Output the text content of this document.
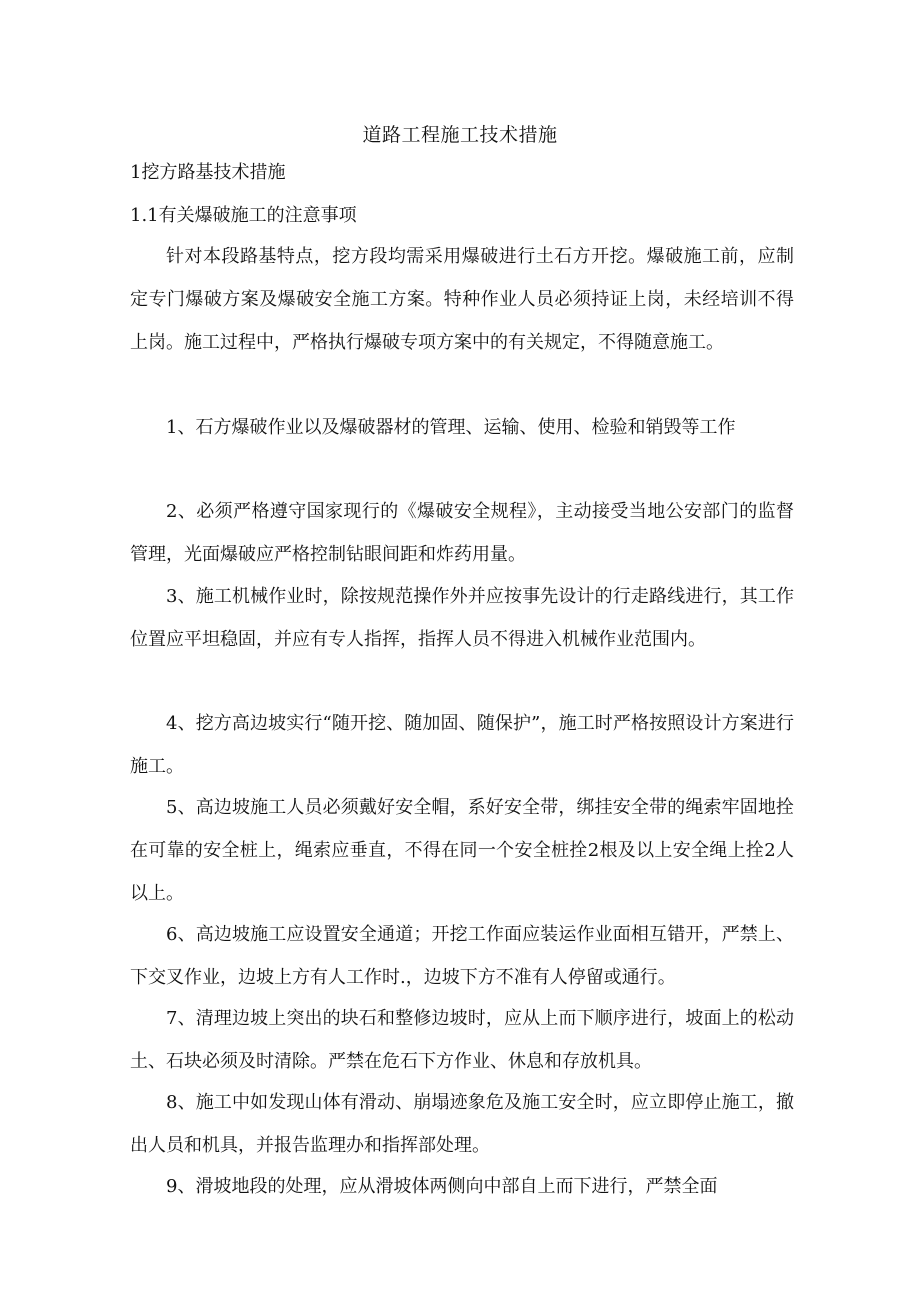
道路工程施工技术措施
1挖方路基技术措施
1.1有关爆破施工的注意事项

针对本段路基特点，挖方段均需采用爆破进行土石方开挖。爆破施工前，应制定专门爆破方案及爆破安全施工方案。特种作业人员必须持证上岗，未经培训不得上岗。施工过程中，严格执行爆破专项方案中的有关规定，不得随意施工。

1、石方爆破作业以及爆破器材的管理、运输、使用、检验和销毁等工作

2、必须严格遵守国家现行的《爆破安全规程》，主动接受当地公安部门的监督管理，光面爆破应严格控制钻眼间距和炸药用量。

3、施工机械作业时，除按规范操作外并应按事先设计的行走路线进行，其工作位置应平坦稳固，并应有专人指挥，指挥人员不得进入机械作业范围内。

4、挖方高边坡实行“随开挖、随加固、随保护”，施工时严格按照设计方案进行施工。

5、高边坡施工人员必须戴好安全帽，系好安全带，绑挂安全带的绳索牢固地拴在可靠的安全桩上，绳索应垂直，不得在同一个安全桩拴2根及以上安全绳上拴2人以上。

6、高边坡施工应设置安全通道；开挖工作面应装运作业面相互错开，严禁上、下交叉作业，边坡上方有人工作时.，边坡下方不准有人停留或通行。

7、清理边坡上突出的块石和整修边坡时，应从上而下顺序进行，坡面上的松动土、石块必须及时清除。严禁在危石下方作业、休息和存放机具。

8、施工中如发现山体有滑动、崩塌迹象危及施工安全时，应立即停止施工，撤出人员和机具，并报告监理办和指挥部处理。

9、滑坡地段的处理，应从滑坡体两侧向中部自上而下进行，严禁全面
